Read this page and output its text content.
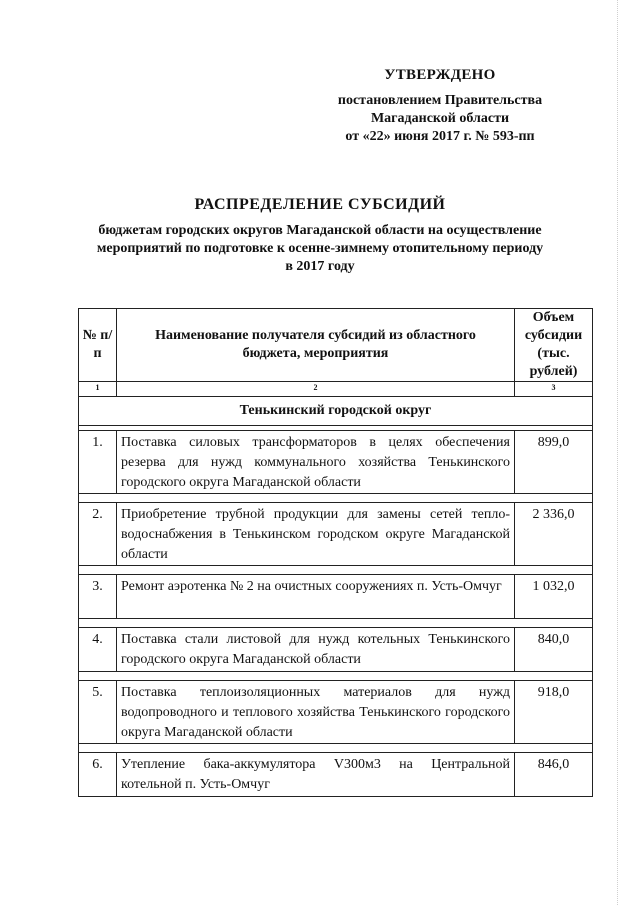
УТВЕРЖДЕНО
постановлением Правительства
Магаданской области
от «22» июня 2017 г. № 593-пп
РАСПРЕДЕЛЕНИЕ СУБСИДИЙ
бюджетам городских округов Магаданской области на осуществление
мероприятий по подготовке к осенне-зимнему отопительному периоду
в 2017 году
№ п/п	Наименование получателя субсидий из областного бюджета, мероприятия	Объем субсидии (тыс. рублей)
1	2	3
Тенькинский городской округ		

1.	Поставка силовых трансформаторов в целях обеспечения резерва для нужд коммунального хозяйства Тенькинского городского округа Магаданской области	899,0

2.	Приобретение трубной продукции для замены сетей тепло-водоснабжения в Тенькинском городском округе Магаданской области	2 336,0

3.	Ремонт аэротенка № 2 на очистных сооружениях п. Усть-Омчуг	1 032,0

4.	Поставка стали листовой для нужд котельных Тенькинского городского округа Магаданской области	840,0

5.	Поставка теплоизоляционных материалов для нужд водопроводного и теплового хозяйства Тенькинского городского округа Магаданской области	918,0

6.	Утепление бака-аккумулятора V300м3 на Центральной котельной п. Усть-Омчуг	846,0
